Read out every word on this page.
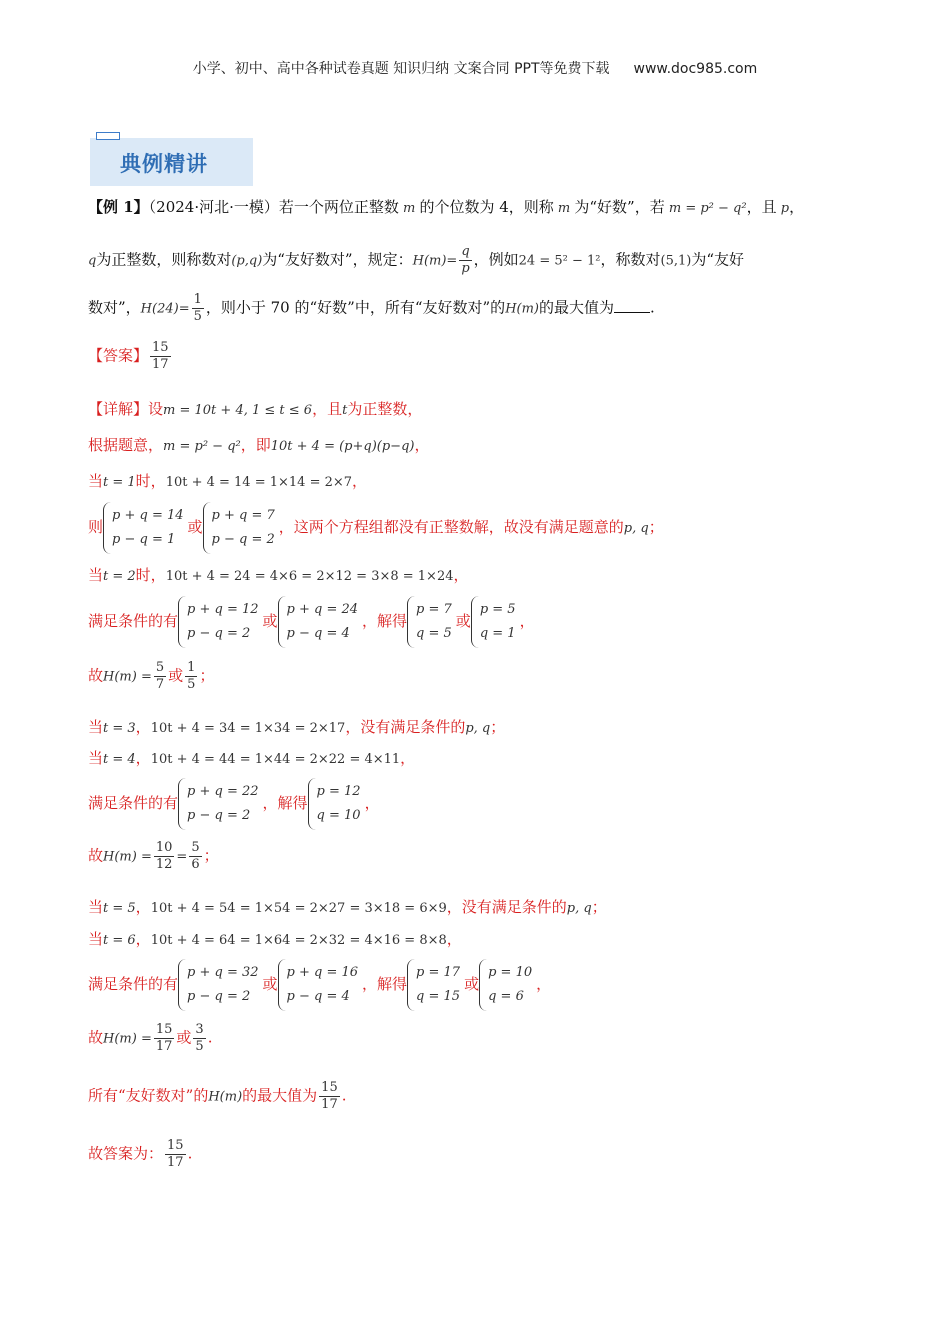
小学、初中、高中各种试卷真题 知识归纳 文案合同 PPT等免费下载 www.doc985.com
典例精讲
【例 1】（2024·河北·一模）若一个两位正整数 m 的个位数为 4，则称 m 为“好数”，若 m = p² − q²，且 p，
q为正整数，则称数对(p,q)为“友好数对”，规定：$H(m)= \frac{q}{p}$ ，例如24 = 5² − 1²，称数对(5,1)为“友好
数对”，$H(24)= \frac{1}{5}$ ，则小于 70 的“好数”中，所有“友好数对”的H(m)的最大值为 .
【答案】 $\frac{15}{17}$
【详解】设m = 10t + 4, 1 ≤ t ≤ 6，且t为正整数，
根据题意，m = p² − q²，即10t + 4 = (p+q)(p−q)，
当t = 1时，10t + 4 = 14 = 1×14 = 2×7，
则
p + q = 14
p − q = 1
或
p + q = 7
p − q = 2
，这两个方程组都没有正整数解，故没有满足题意的p, q；
当t = 2时，10t + 4 = 24 = 4×6 = 2×12 = 3×8 = 1×24，
满足条件的有
p + q = 12
p − q = 2
或
p + q = 24
p − q = 4
，解得
p = 7
q = 5
或
p = 5
q = 1
，
故$H(m) = \frac{5}{7}$ 或 $\frac{1}{5}$ ；
当t = 3，10t + 4 = 34 = 1×34 = 2×17，没有满足条件的p, q；
当t = 4，10t + 4 = 44 = 1×44 = 2×22 = 4×11，
满足条件的有
p + q = 22
p − q = 2
，解得
p = 12
q = 10
，
故$H(m) = \frac{10}{12} = \frac{5}{6}$ ；
当t = 5，10t + 4 = 54 = 1×54 = 2×27 = 3×18 = 6×9，没有满足条件的p, q；
当t = 6，10t + 4 = 64 = 1×64 = 2×32 = 4×16 = 8×8，
满足条件的有
p + q = 32
p − q = 2
或
p + q = 16
p − q = 4
，解得
p = 17
q = 15
或
p = 10
q = 6
，
故$H(m) = \frac{15}{17}$ 或 $\frac{3}{5}$ .
所有“友好数对”的H(m)的最大值为 $\frac{15}{17}$ .
故答案为： $\frac{15}{17}$ .
